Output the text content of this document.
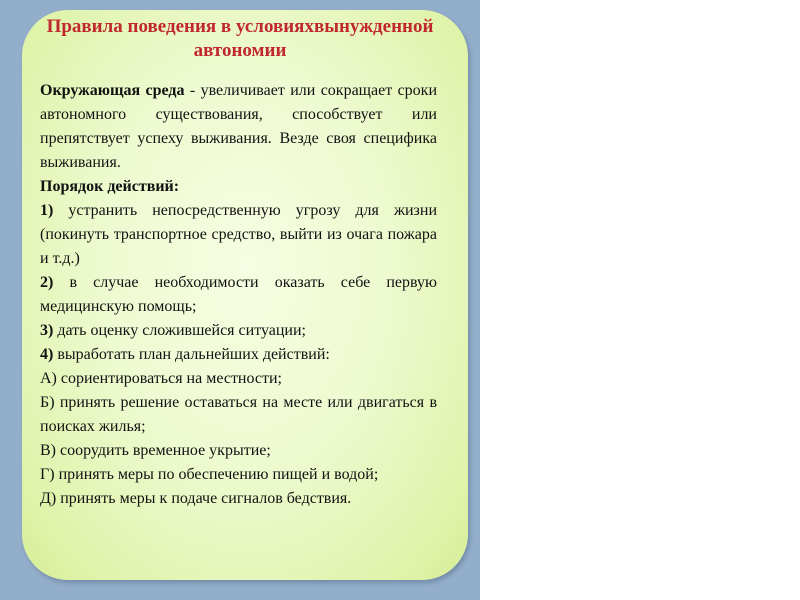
Правила поведения в условияхвынужденной автономии

Окружающая среда - увеличивает или сокращает сроки автономного существования, способствует или препятствует успеху выживания. Везде своя специфика выживания.

Порядок действий:

1) устранить непосредственную угрозу для жизни (покинуть транспортное средство, выйти из очага пожара и т.д.)

2) в случае необходимости оказать себе первую медицинскую помощь;

3) дать оценку сложившейся ситуации;

4) выработать план дальнейших действий:

А) сориентироваться на местности;

Б) принять решение оставаться на месте или двигаться в поисках жилья;

В) соорудить временное укрытие;

Г) принять меры по обеспечению пищей и водой;

Д) принять меры к подаче сигналов бедствия.
